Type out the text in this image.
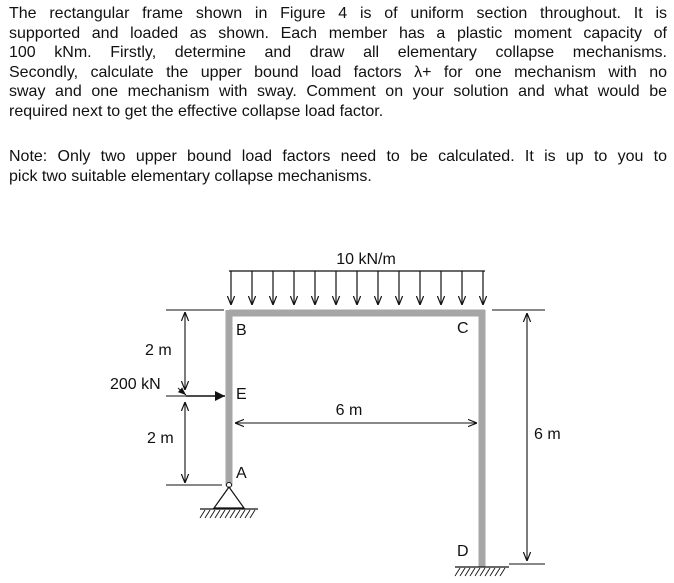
The rectangular frame shown in Figure 4 is of uniform section throughout. It is
supported and loaded as shown. Each member has a plastic moment capacity of
100 kNm. Firstly, determine and draw all elementary collapse mechanisms.
Secondly, calculate the upper bound load factors λ+ for one mechanism with no
sway and one mechanism with sway. Comment on your solution and what would be
required next to get the effective collapse load factor.
Note: Only two upper bound load factors need to be calculated. It is up to you to
pick two suitable elementary collapse mechanisms.
10 kN/m
B	C
E
A
D
2 m
2 m
200 kN
6 m
6 m
